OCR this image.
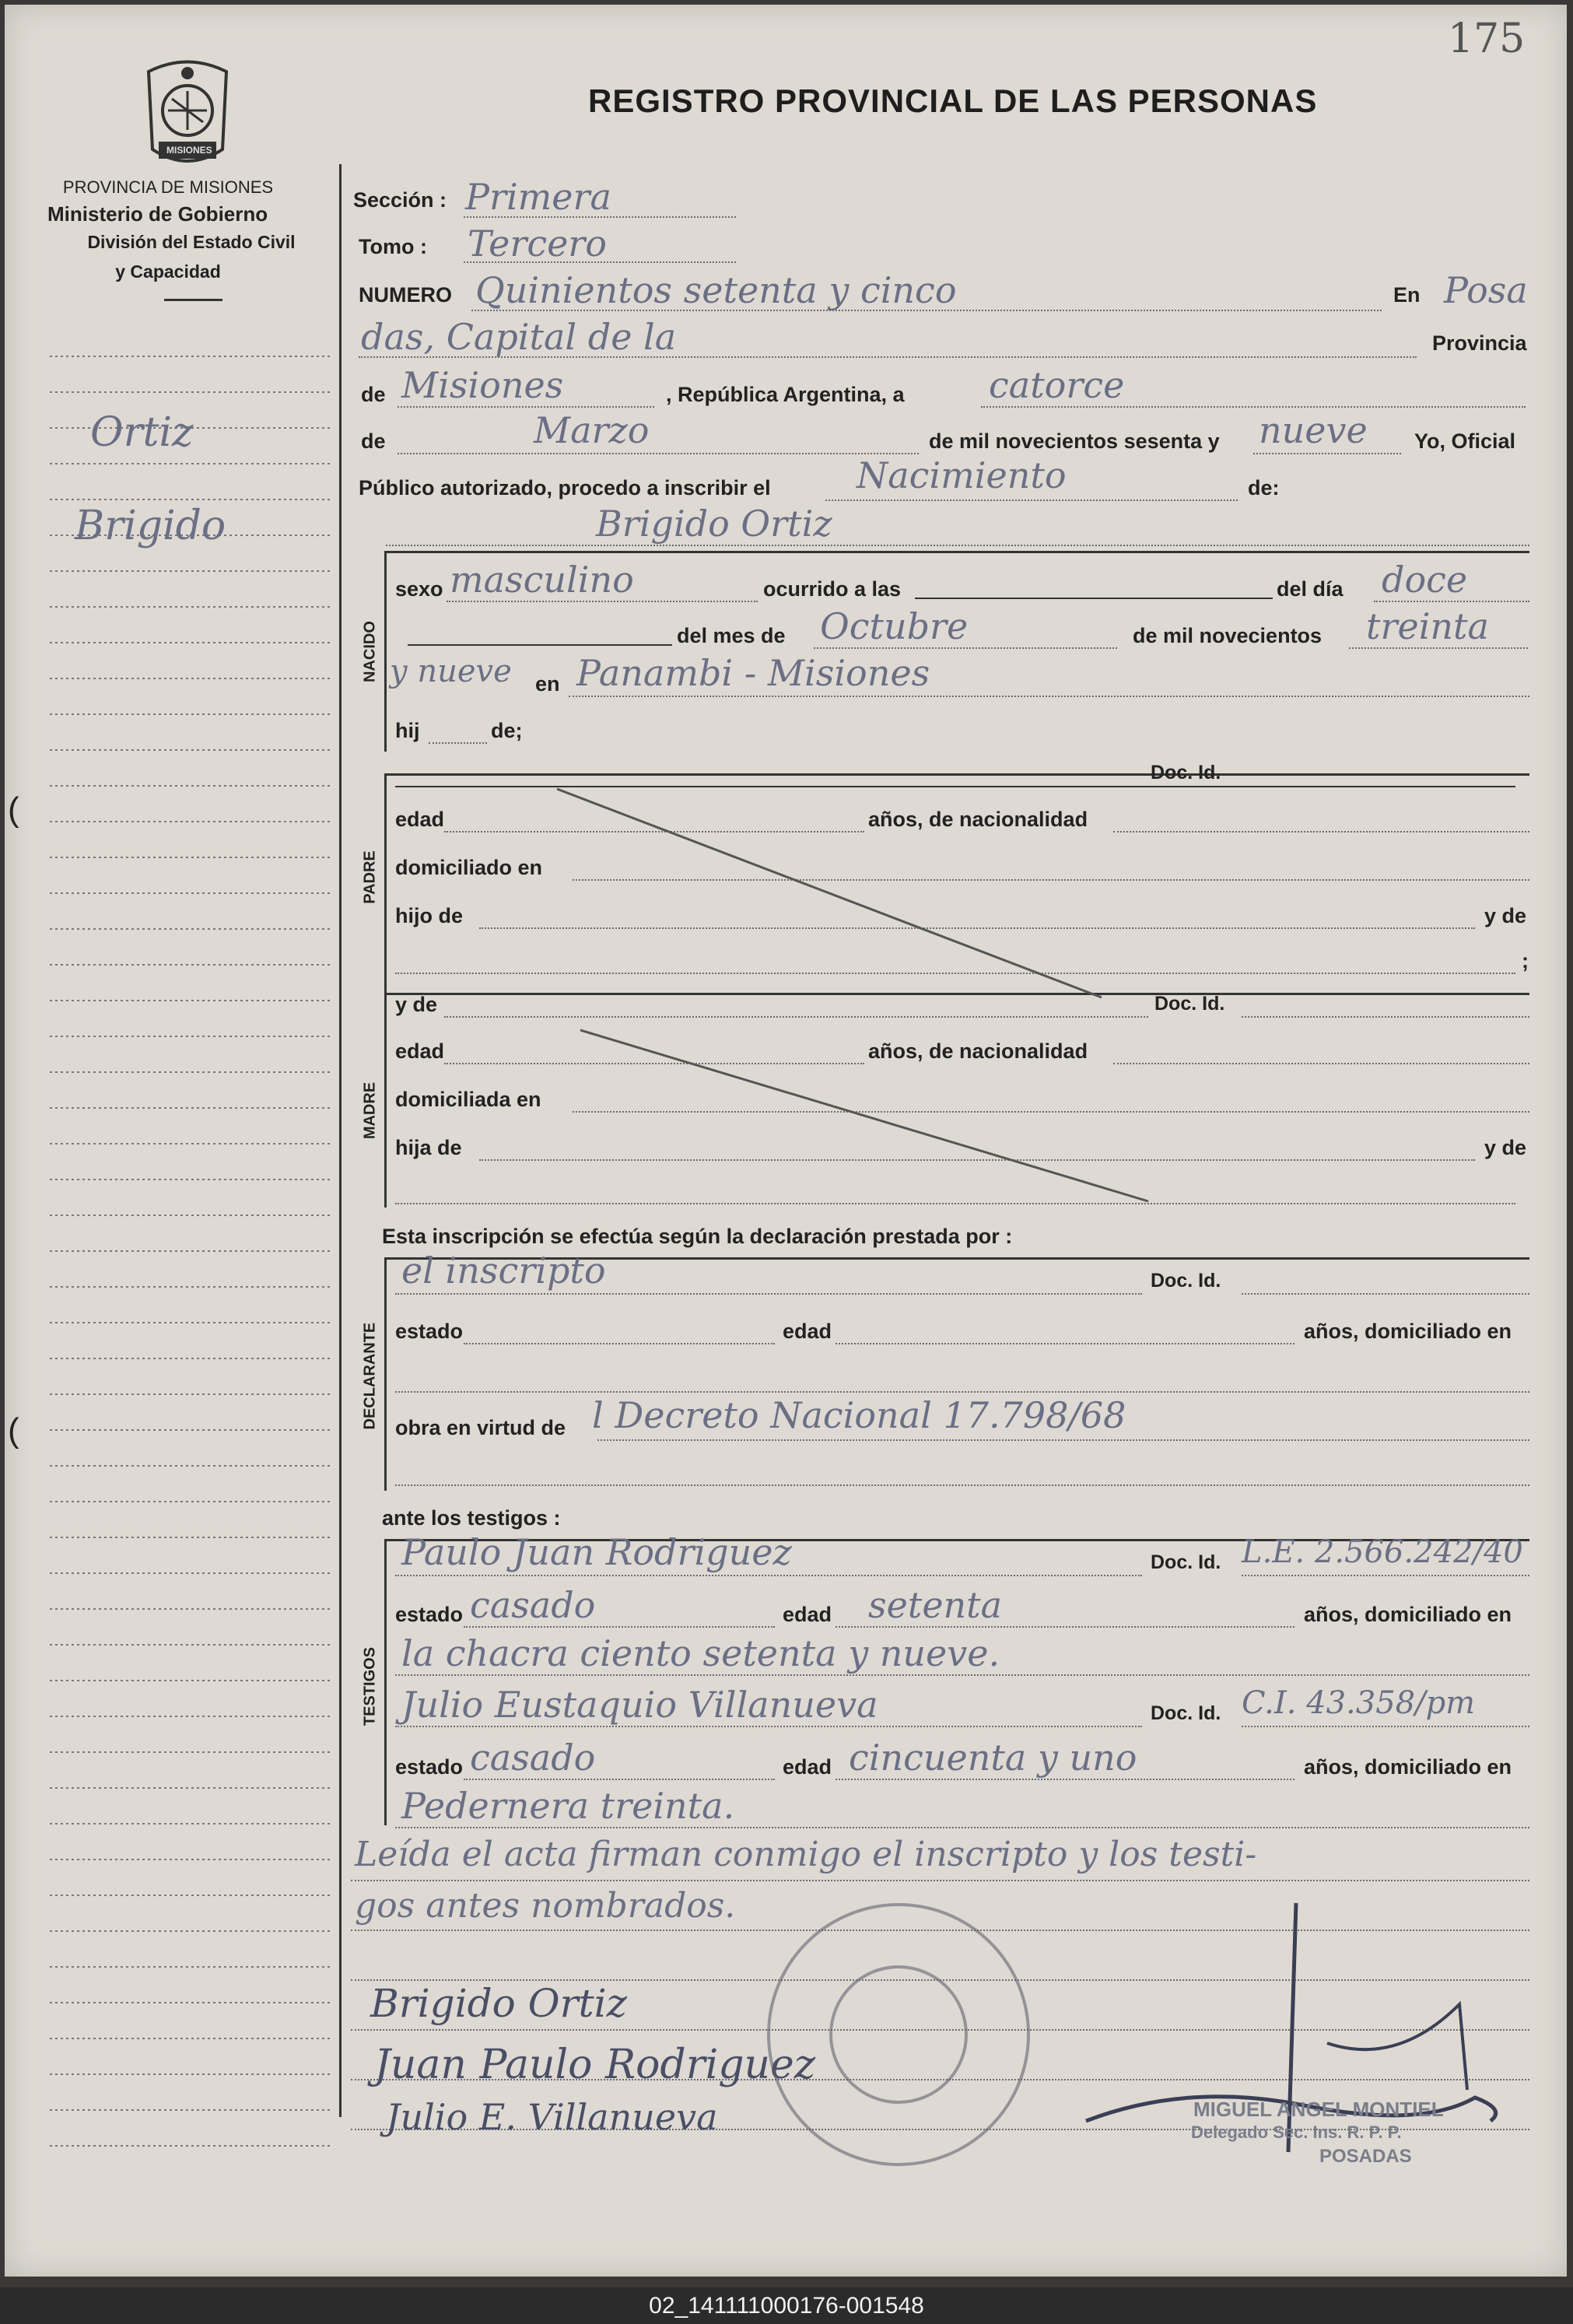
175
MISIONES
REGISTRO PROVINCIAL DE LAS PERSONAS
PROVINCIA DE MISIONES
Ministerio de Gobierno
División del Estado Civil
y Capacidad
Ortiz
Brigido
(
(
Sección : Primera
Tomo : Tercero
NUMERO Quinientos setenta y cinco	En Posa
das, Capital de la	Provincia
de Misiones	, República Argentina, a catorce
de	Marzo	de mil novecientos sesenta y nueve Yo, Oficial
Público autorizado, procedo a inscribir el Nacimiento	de:
Brigido Ortiz
NACIDO
sexo masculino	ocurrido a las	del día doce
del mes de Octubre	de mil novecientos treinta
y nueve en Panambi - Misiones
hij	de;
PADRE
Doc. Id.
edad	años, de nacionalidad
domiciliado en
hijo de	y de
;
MADRE
y de	Doc. Id.
edad	años, de nacionalidad
domiciliada en
hija de	y de
Esta inscripción se efectúa según la declaración prestada por :
DECLARANTE
el inscripto	Doc. Id.
estado	edad	años, domiciliado en
obra en virtud de l Decreto Nacional 17.798/68
ante los testigos :
TESTIGOS
Paulo Juan Rodriguez	Doc. Id. L.E. 2.566.242/40
estado casado	edad setenta	años, domiciliado en
la chacra ciento setenta y nueve.
Julio Eustaquio Villanueva	Doc. Id. C.I. 43.358/pm
estado casado	edad cincuenta y uno	años, domiciliado en
Pedernera treinta.
Leída el acta firman conmigo el inscripto y los testi-
gos antes nombrados.
Brigido Ortiz
Juan Paulo Rodriguez
Julio E. Villanueva	MIGUEL ANGEL MONTIEL
Delegado Sec. Ins. R. P. P.
POSADAS
02_141111000176-001548
